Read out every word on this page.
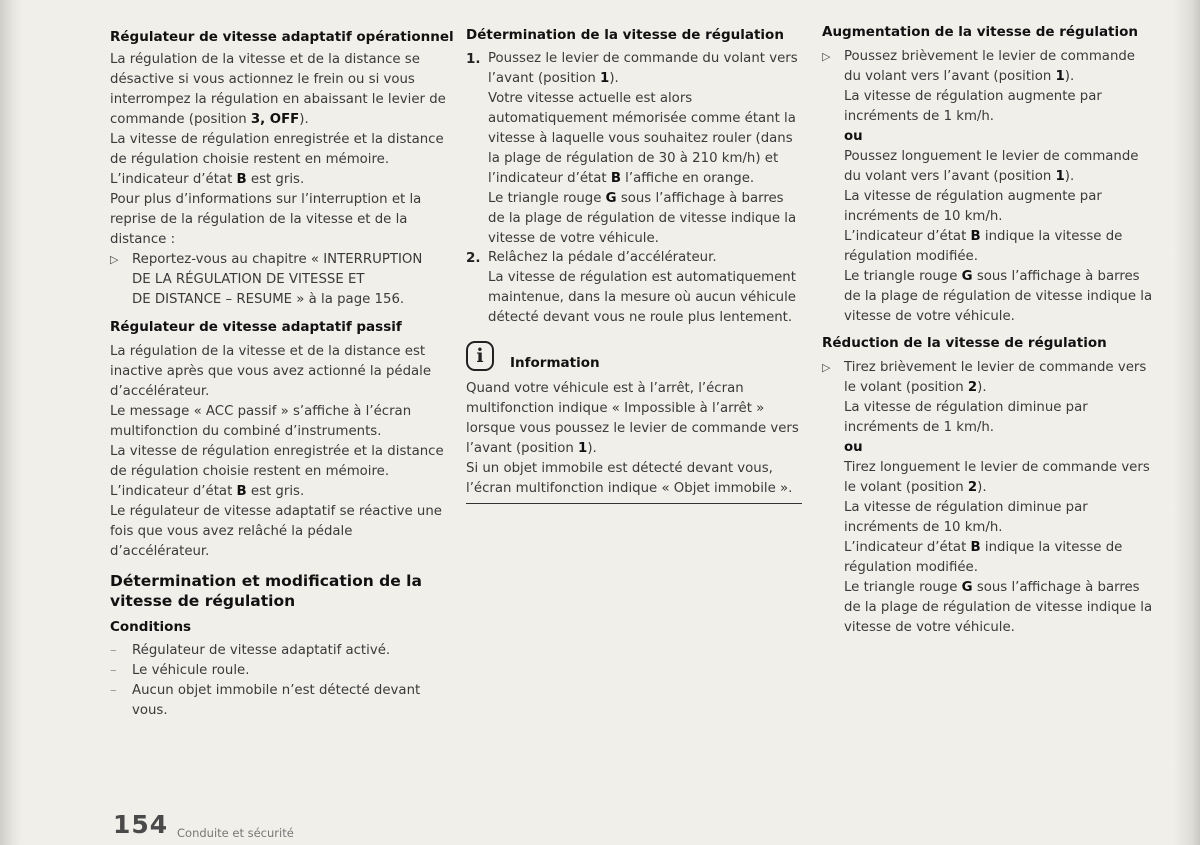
Régulateur de vitesse adaptatif opérationnel

La régulation de la vitesse et de la distance se
désactive si vous actionnez le frein ou si vous
interrompez la régulation en abaissant le levier de
commande (position 3, OFF).

La vitesse de régulation enregistrée et la distance
de régulation choisie restent en mémoire.

L’indicateur d’état B est gris.

Pour plus d’informations sur l’interruption et la
reprise de la régulation de la vitesse et de la
distance :

▷ Reportez-vous au chapitre « INTERRUPTION
DE LA RÉGULATION DE VITESSE ET
DE DISTANCE – RESUME » à la page 156.

Régulateur de vitesse adaptatif passif

La régulation de la vitesse et de la distance est
inactive après que vous avez actionné la pédale
d’accélérateur.

Le message « ACC passif » s’affiche à l’écran
multifonction du combiné d’instruments.

La vitesse de régulation enregistrée et la distance
de régulation choisie restent en mémoire.

L’indicateur d’état B est gris.

Le régulateur de vitesse adaptatif se réactive une
fois que vous avez relâché la pédale
d’accélérateur.

Détermination et modification de la
vitesse de régulation
Conditions
– Régulateur de vitesse adaptatif activé.

– Le véhicule roule.

– Aucun objet immobile n’est détecté devant
vous.

Détermination de la vitesse de régulation
1. Poussez le levier de commande du volant vers
l’avant (position 1).

Votre vitesse actuelle est alors
automatiquement mémorisée comme étant la
vitesse à laquelle vous souhaitez rouler (dans
la plage de régulation de 30 à 210 km/h) et
l’indicateur d’état B l’affiche en orange.

Le triangle rouge G sous l’affichage à barres
de la plage de régulation de vitesse indique la
vitesse de votre véhicule.

2. Relâchez la pédale d’accélérateur.

La vitesse de régulation est automatiquement
maintenue, dans la mesure où aucun véhicule
détecté devant vous ne roule plus lentement.

i	Information

Quand votre véhicule est à l’arrêt, l’écran
multifonction indique « Impossible à l’arrêt »
lorsque vous poussez le levier de commande vers
l’avant (position 1).

Si un objet immobile est détecté devant vous,
l’écran multifonction indique « Objet immobile ».

Augmentation de la vitesse de régulation
▷ Poussez brièvement le levier de commande
du volant vers l’avant (position 1).

La vitesse de régulation augmente par
incréments de 1 km/h.

ou

Poussez longuement le levier de commande
du volant vers l’avant (position 1).

La vitesse de régulation augmente par
incréments de 10 km/h.

L’indicateur d’état B indique la vitesse de
régulation modifiée.

Le triangle rouge G sous l’affichage à barres
de la plage de régulation de vitesse indique la
vitesse de votre véhicule.

Réduction de la vitesse de régulation
▷ Tirez brièvement le levier de commande vers
le volant (position 2).

La vitesse de régulation diminue par
incréments de 1 km/h.

ou

Tirez longuement le levier de commande vers
le volant (position 2).

La vitesse de régulation diminue par
incréments de 10 km/h.

L’indicateur d’état B indique la vitesse de
régulation modifiée.

Le triangle rouge G sous l’affichage à barres
de la plage de régulation de vitesse indique la
vitesse de votre véhicule.

154 Conduite et sécurité
